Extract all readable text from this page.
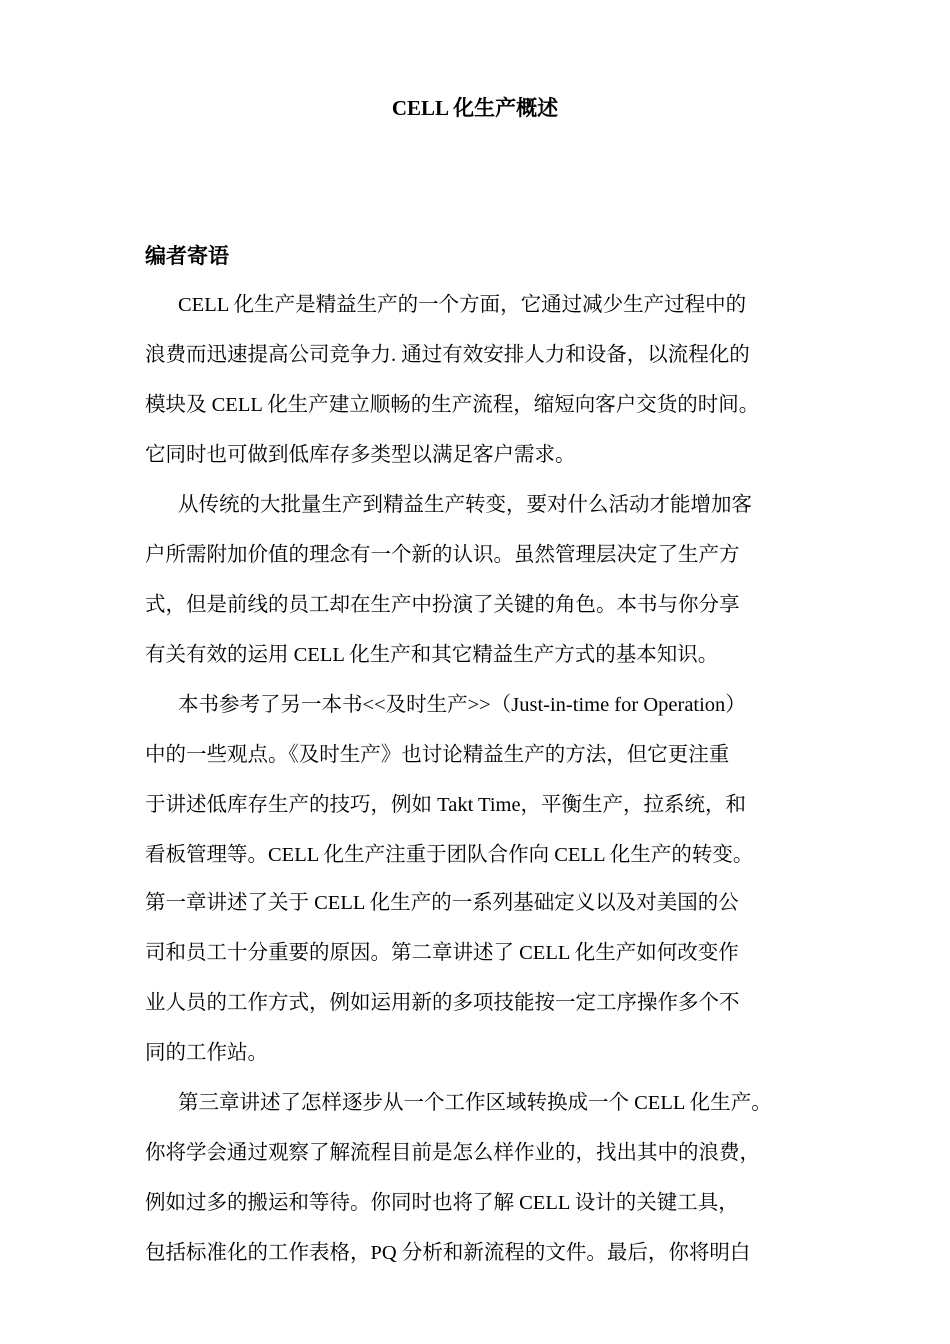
CELL 化生产概述
编者寄语
CELL 化生产是精益生产的一个方面，它通过减少生产过程中的
浪费而迅速提高公司竞争力. 通过有效安排人力和设备，以流程化的
模块及 CELL 化生产建立顺畅的生产流程，缩短向客户交货的时间。
它同时也可做到低库存多类型以满足客户需求。
从传统的大批量生产到精益生产转变，要对什么活动才能增加客
户所需附加价值的理念有一个新的认识。虽然管理层决定了生产方
式，但是前线的员工却在生产中扮演了关键的角色。本书与你分享
有关有效的运用 CELL 化生产和其它精益生产方式的基本知识。
本书参考了另一本书<<及时生产>>（Just-in-time for Operation）
中的一些观点。《及时生产》也讨论精益生产的方法，但它更注重
于讲述低库存生产的技巧，例如 Takt Time，平衡生产，拉系统，和
看板管理等。CELL 化生产注重于团队合作向 CELL 化生产的转变。
第一章讲述了关于 CELL 化生产的一系列基础定义以及对美国的公
司和员工十分重要的原因。第二章讲述了 CELL 化生产如何改变作
业人员的工作方式，例如运用新的多项技能按一定工序操作多个不
同的工作站。
第三章讲述了怎样逐步从一个工作区域转换成一个 CELL 化生产。
你将学会通过观察了解流程目前是怎么样作业的，找出其中的浪费，
例如过多的搬运和等待。你同时也将了解 CELL 设计的关键工具，
包括标准化的工作表格，PQ 分析和新流程的文件。最后，你将明白
